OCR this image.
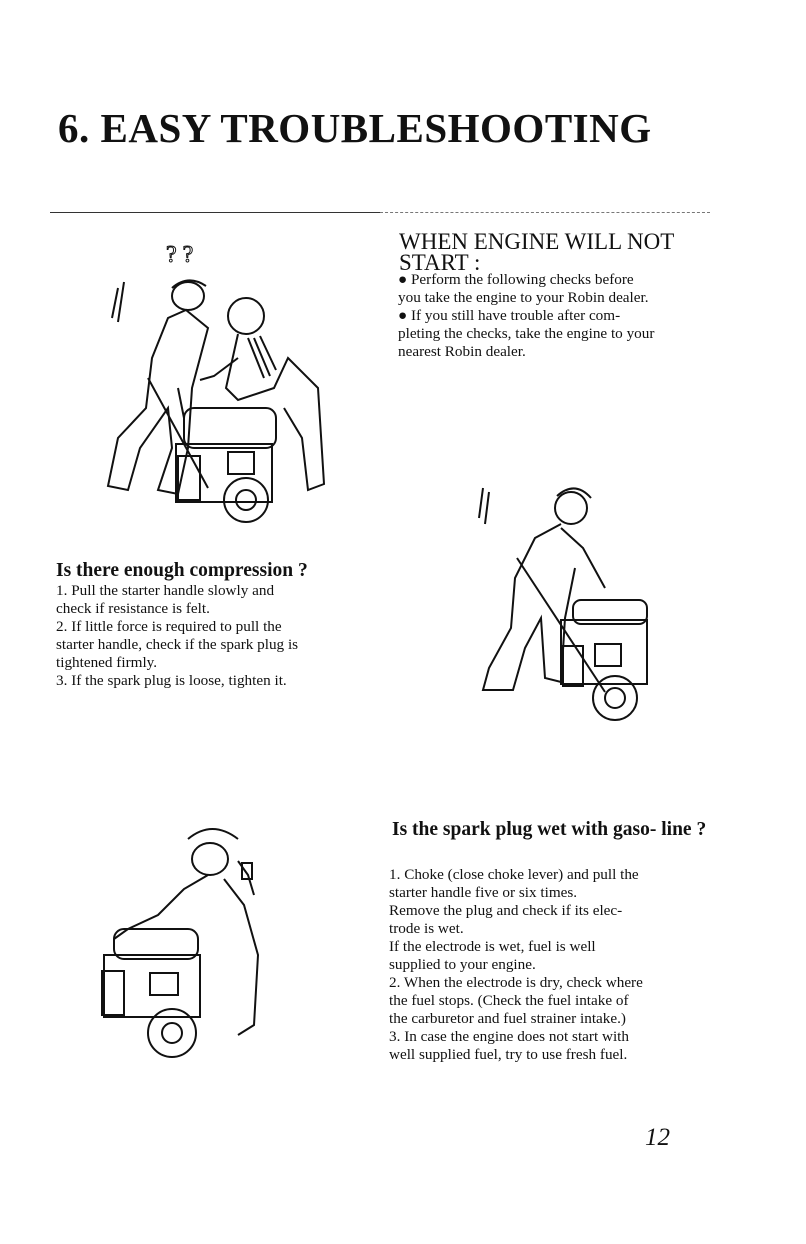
6. EASY TROUBLESHOOTING
? ?
WHEN ENGINE WILL NOT START :

● Perform the following checks before

you take the engine to your Robin dealer.

● If you still have trouble after com-

pleting the checks, take the engine to your

nearest Robin dealer.

Is there enough compression ?

1. Pull the starter handle slowly and

check if resistance is felt.

2. If little force is required to pull the

starter handle, check if the spark plug is

tightened firmly.

3. If the spark plug is loose, tighten it.

Is the spark plug wet with gaso- line ?

1. Choke (close choke lever) and pull the

starter handle five or six times.

Remove the plug and check if its elec-

trode is wet.

If the electrode is wet, fuel is well

supplied to your engine.

2. When the electrode is dry, check where

the fuel stops. (Check the fuel intake of

the carburetor and fuel strainer intake.)

3. In case the engine does not start with

well supplied fuel, try to use fresh fuel.

12
